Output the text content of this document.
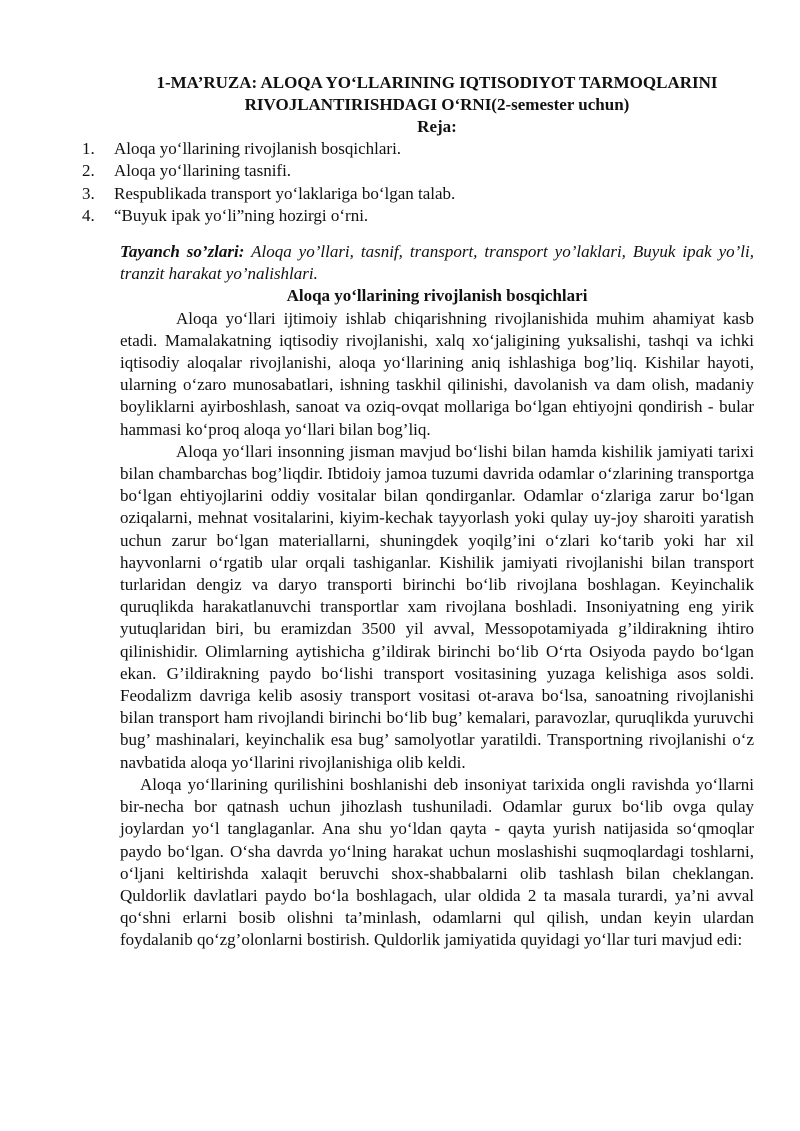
1-MA’RUZA: ALOQA YO‘LLARINING IQTISODIYOT TARMOQLARINI RIVOJLANTIRISHDAGI O‘RNI(2-semester uchun)
Reja:
1.	Aloqa yo‘llarining rivojlanish bosqichlari.
2.	Aloqa yo‘llarining tasnifi.
3.	Respublikada transport yo‘laklariga bo‘lgan talab.
4.	“Buyuk ipak yo‘li”ning hozirgi o‘rni.

Tayanch so’zlari: Aloqa yo’llari, tasnif, transport, transport yo’laklari, Buyuk ipak yo’li, tranzit harakat yo’nalishlari.

Aloqa yo‘llarining rivojlanish bosqichlari

Aloqa yo‘llari ijtimoiy ishlab chiqarishning rivojlanishida muhim ahamiyat kasb etadi. Mamalakatning iqtisodiy rivojlanishi, xalq xo‘jaligining yuksalishi, tashqi va ichki iqtisodiy aloqalar rivojlanishi, aloqa yo‘llarining aniq ishlashiga bog’liq. Kishilar hayoti, ularning o‘zaro munosabatlari, ishning taskhil qilinishi, davolanish va dam olish, madaniy boyliklarni ayirboshlash, sanoat va oziq-ovqat mollariga bo‘lgan ehtiyojni qondirish - bular hammasi ko‘proq aloqa yo‘llari bilan bog’liq.

Aloqa yo‘llari insonning jisman mavjud bo‘lishi bilan hamda kishilik jamiyati tarixi bilan chambarchas bog’liqdir. Ibtidoiy jamoa tuzumi davrida odamlar o‘zlarining transportga bo‘lgan ehtiyojlarini oddiy vositalar bilan qondirganlar. Odamlar o‘zlariga zarur bo‘lgan oziqalarni, mehnat vositalarini, kiyim-kechak tayyorlash yoki qulay uy-joy sharoiti yaratish uchun zarur bo‘lgan materiallarni, shuningdek yoqilg’ini o‘zlari ko‘tarib yoki har xil hayvonlarni o‘rgatib ular orqali tashiganlar. Kishilik jamiyati rivojlanishi bilan transport turlaridan dengiz va daryo transporti birinchi bo‘lib rivojlana boshlagan. Keyinchalik quruqlikda harakatlanuvchi transportlar xam rivojlana boshladi. Insoniyatning eng yirik yutuqlaridan biri, bu eramizdan 3500 yil avval, Messopotamiyada g’ildirakning ihtiro qilinishidir. Olimlarning aytishicha g’ildirak birinchi bo‘lib O‘rta Osiyoda paydo bo‘lgan ekan. G’ildirakning paydo bo‘lishi transport vositasining yuzaga kelishiga asos soldi. Feodalizm davriga kelib asosiy transport vositasi ot-arava bo‘lsa, sanoatning rivojlanishi bilan transport ham rivojlandi birinchi bo‘lib bug’ kemalari, paravozlar, quruqlikda yuruvchi bug’ mashinalari, keyinchalik esa bug’ samolyotlar yaratildi. Transportning rivojlanishi o‘z navbatida aloqa yo‘llarini rivojlanishiga olib keldi.

Aloqa yo‘llarining qurilishini boshlanishi deb insoniyat tarixida ongli ravishda yo‘llarni bir-necha bor qatnash uchun jihozlash tushuniladi. Odamlar gurux bo‘lib ovga qulay joylardan yo‘l tanglaganlar. Ana shu yo‘ldan qayta - qayta yurish natijasida so‘qmoqlar paydo bo‘lgan. O‘sha davrda yo‘lning harakat uchun moslashishi suqmoqlardagi toshlarni, o‘ljani keltirishda xalaqit beruvchi shox-shabbalarni olib tashlash bilan cheklangan. Quldorlik davlatlari paydo bo‘la boshlagach, ular oldida 2 ta masala turardi, ya’ni avval qo‘shni erlarni bosib olishni ta’minlash, odamlarni qul qilish, undan keyin ulardan foydalanib qo‘zg’olonlarni bostirish. Quldorlik jamiyatida quyidagi yo‘llar turi mavjud edi:
